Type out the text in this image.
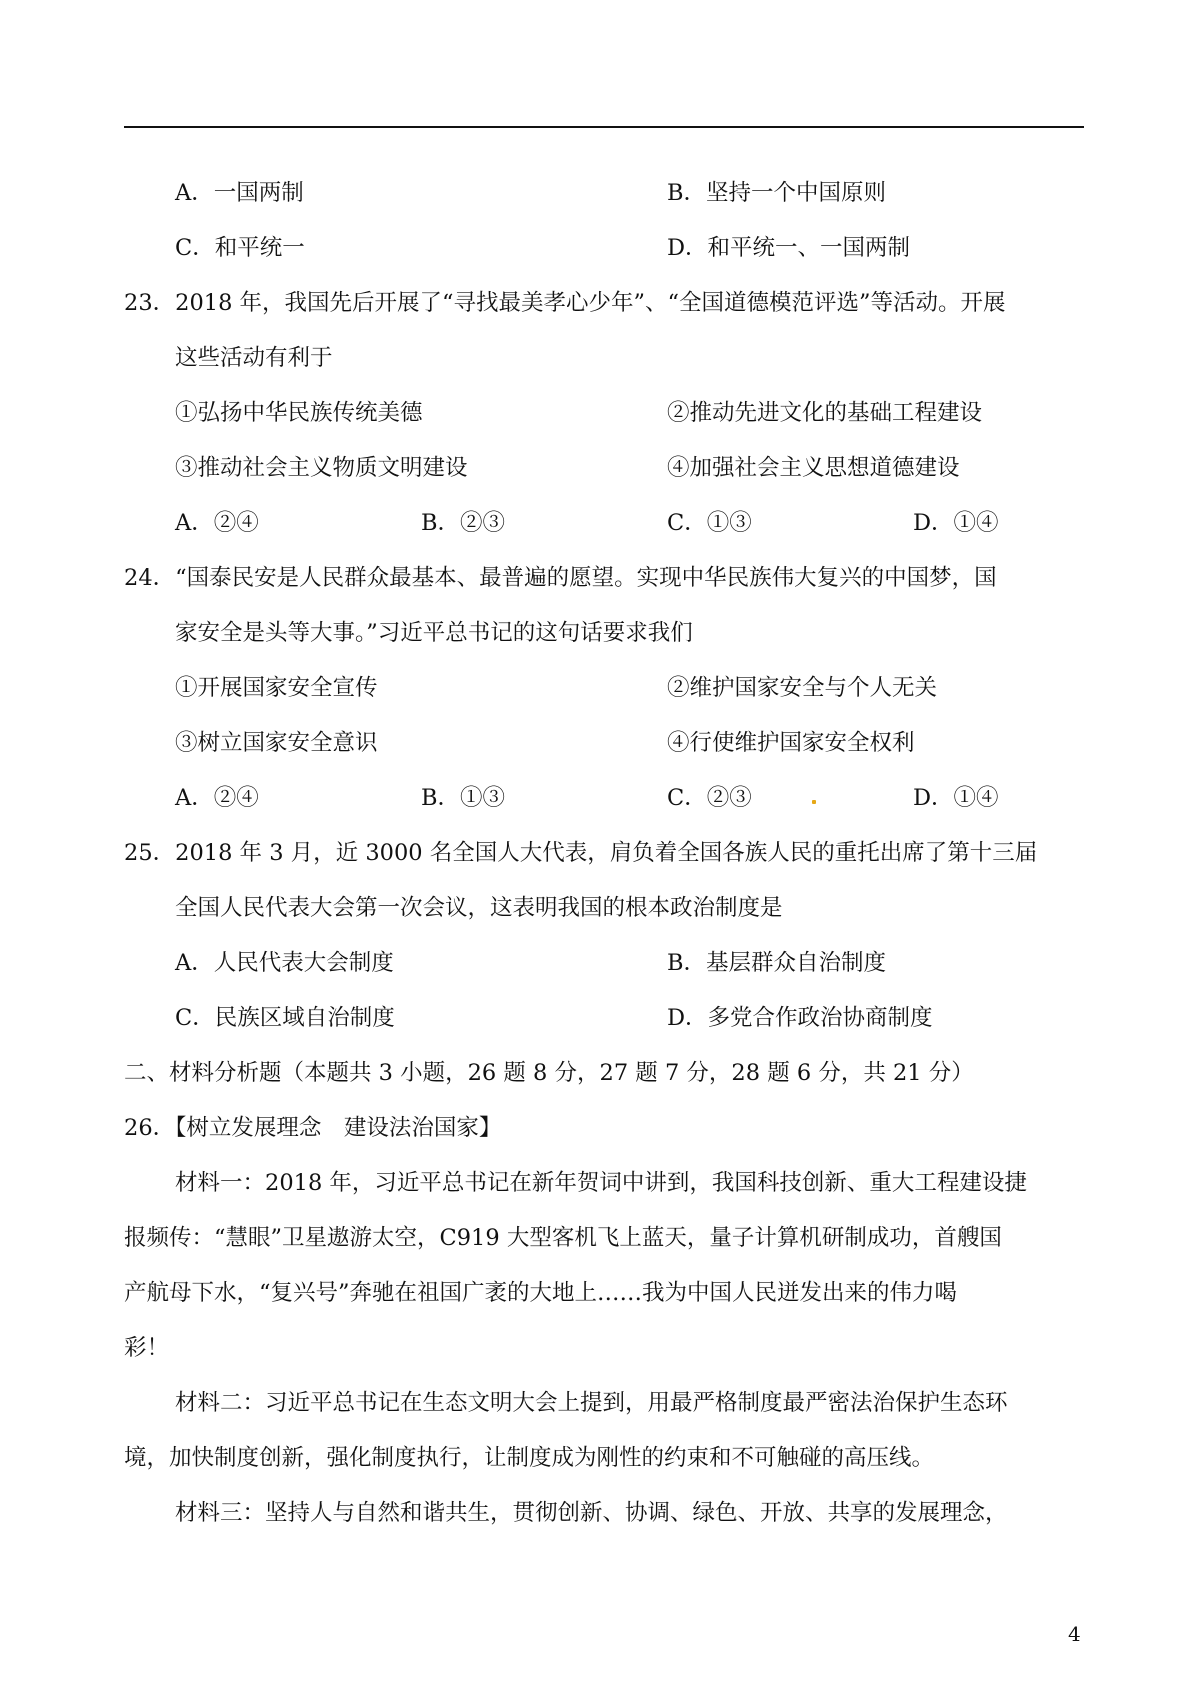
A．一国两制	B．坚持一个中国原则
C．和平统一	D．和平统一、一国两制
23．2018 年，我国先后开展了“寻找最美孝心少年”、“全国道德模范评选”等活动。开展
这些活动有利于
①弘扬中华民族传统美德	②推动先进文化的基础工程建设
③推动社会主义物质文明建设	④加强社会主义思想道德建设
A．②④	B．②③	C．①③	D．①④
24．“国泰民安是人民群众最基本、最普遍的愿望。实现中华民族伟大复兴的中国梦，国
家安全是头等大事。”习近平总书记的这句话要求我们
①开展国家安全宣传	②维护国家安全与个人无关
③树立国家安全意识	④行使维护国家安全权利
A．②④	B．①③	C．②③	D．①④
25．2018 年 3 月，近 3000 名全国人大代表，肩负着全国各族人民的重托出席了第十三届
全国人民代表大会第一次会议，这表明我国的根本政治制度是
A．人民代表大会制度	B．基层群众自治制度
C．民族区域自治制度	D．多党合作政治协商制度
二、材料分析题（本题共 3 小题，26 题 8 分，27 题 7 分，28 题 6 分，共 21 分）
26．【树立发展理念　建设法治国家】
材料一：2018 年，习近平总书记在新年贺词中讲到，我国科技创新、重大工程建设捷
报频传：“慧眼”卫星遨游太空，C919 大型客机飞上蓝天，量子计算机研制成功，首艘国
产航母下水，“复兴号”奔驰在祖国广袤的大地上……我为中国人民迸发出来的伟力喝
彩！
材料二：习近平总书记在生态文明大会上提到，用最严格制度最严密法治保护生态环
境，加快制度创新，强化制度执行，让制度成为刚性的约束和不可触碰的高压线。
材料三：坚持人与自然和谐共生，贯彻创新、协调、绿色、开放、共享的发展理念，
4
